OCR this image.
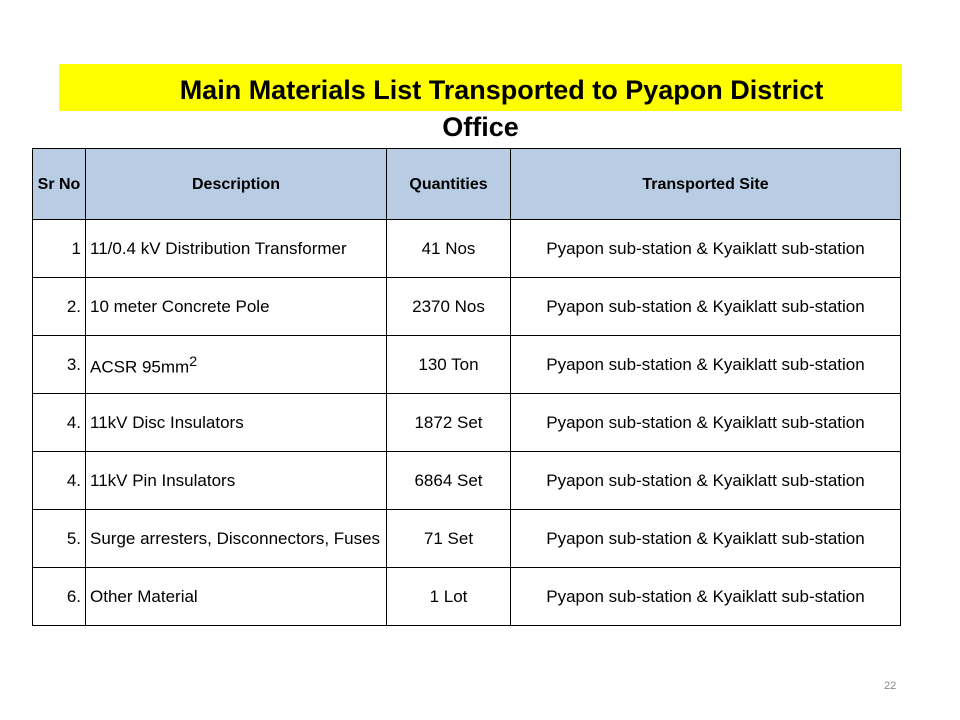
Main Materials List Transported to Pyapon District
Office
Sr No	Description	Quantities	Transported Site
1	11/0.4 kV Distribution Transformer	41 Nos	Pyapon sub-station & Kyaiklatt sub-station
2.	10 meter Concrete Pole	2370 Nos	Pyapon sub-station & Kyaiklatt sub-station
3.	ACSR $95mm^2$	130 Ton	Pyapon sub-station & Kyaiklatt sub-station
4.	11kV Disc Insulators	1872 Set	Pyapon sub-station & Kyaiklatt sub-station
4.	11kV Pin Insulators	6864 Set	Pyapon sub-station & Kyaiklatt sub-station
5.	Surge arresters, Disconnectors, Fuses	71 Set	Pyapon sub-station & Kyaiklatt sub-station
6.	Other Material	1 Lot	Pyapon sub-station & Kyaiklatt sub-station
22
